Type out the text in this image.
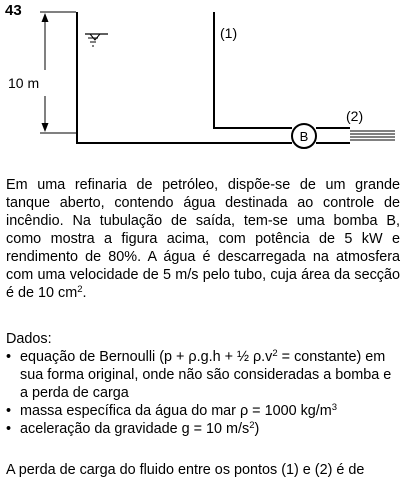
43
10 m
(1)
B
(2)
Em uma refinaria de petróleo, dispõe-se de um grande tanque aberto, contendo água destinada ao controle de incêndio. Na tubulação de saída, tem-se uma bomba B, como mostra a figura acima, com potência de 5 kW e rendimento de 80%. A água é descarregada na atmosfera com uma velocidade de 5 m/s pelo tubo, cuja área da secção é de 10 $cm^2$.
Dados:
• equação de Bernoulli (p + ρ.g.h + ½ $\rho.v^2$ = constante) em sua forma original, onde não são consideradas a bomba e a perda de carga
• massa específica da água do mar ρ = 1000 $kg/m^3$
• aceleração da gravidade g = 10 $m/s^2$)
A perda de carga do fluido entre os pontos (1) e (2) é de
